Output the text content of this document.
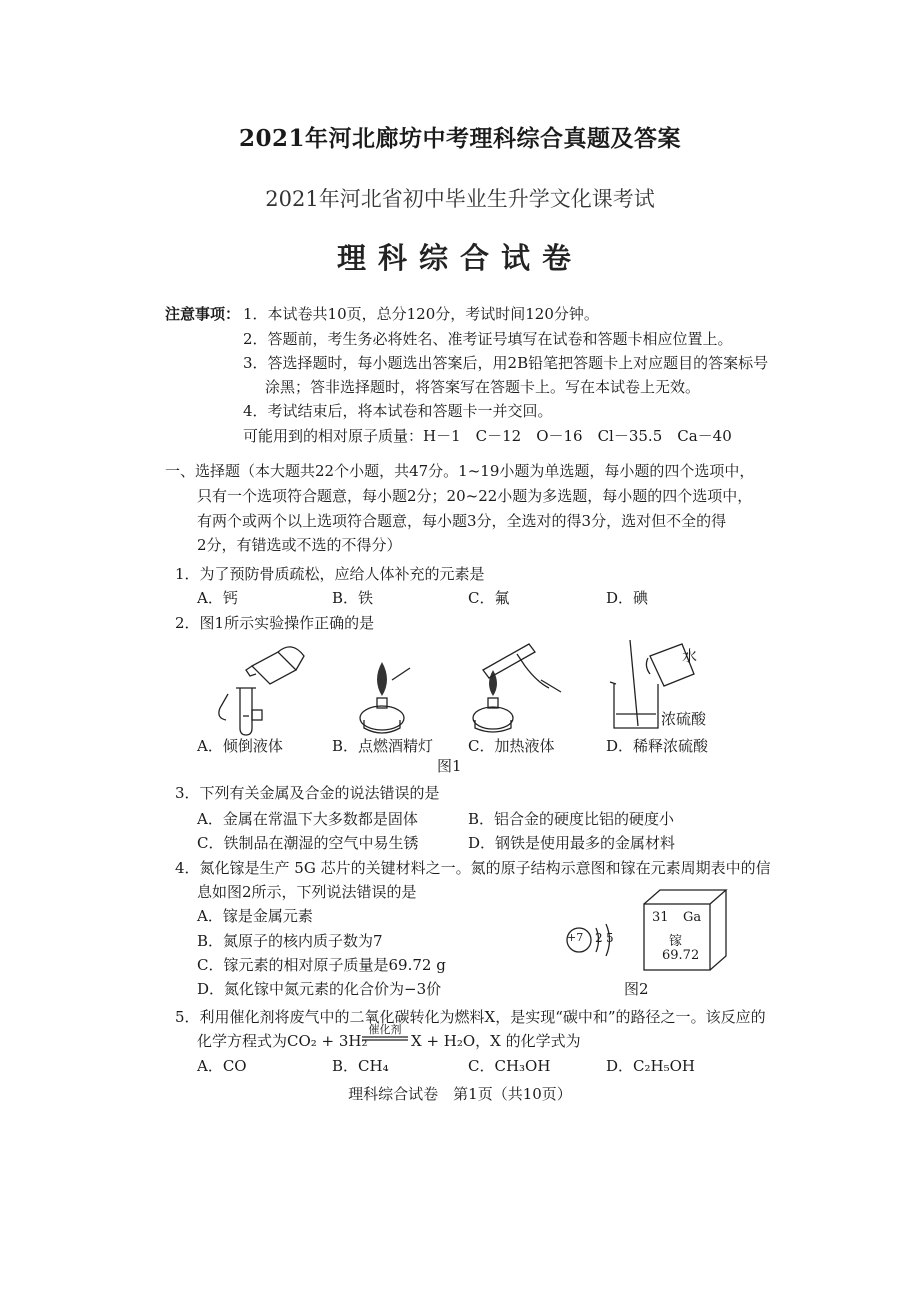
2021年河北廊坊中考理科综合真题及答案
2021年河北省初中毕业生升学文化课考试
理科综合试卷
注意事项： 1．本试卷共10页，总分120分，考试时间120分钟。
2．答题前，考生务必将姓名、准考证号填写在试卷和答题卡相应位置上。
3．答选择题时，每小题选出答案后，用2B铅笔把答题卡上对应题目的答案标号
涂黑；答非选择题时，将答案写在答题卡上。写在本试卷上无效。
4．考试结束后，将本试卷和答题卡一并交回。
可能用到的相对原子质量：H－1　C－12　O－16　Cl－35.5　Ca－40
一、选择题（本大题共22个小题，共47分。1~19小题为单选题，每小题的四个选项中，
只有一个选项符合题意，每小题2分；20~22小题为多选题，每小题的四个选项中，
有两个或两个以上选项符合题意，每小题3分，全选对的得3分，选对但不全的得
2分，有错选或不选的不得分）
1．为了预防骨质疏松，应给人体补充的元素是
A．钙	B．铁	C．氟	D．碘
2．图1所示实验操作正确的是
水
浓硫酸
A．倾倒液体	B．点燃酒精灯 C．加热液体	D．稀释浓硫酸
图1
3．下列有关金属及合金的说法错误的是
A．金属在常温下大多数都是固体	B．铝合金的硬度比铝的硬度小
C．铁制品在潮湿的空气中易生锈	D．钢铁是使用最多的金属材料
4．氮化镓是生产 5G 芯片的关键材料之一。氮的原子结构示意图和镓在元素周期表中的信
息如图2所示，下列说法错误的是
A．镓是金属元素
B．氮原子的核内质子数为7
C．镓元素的相对原子质量是69.72 g
D．氮化镓中氮元素的化合价为−3价
+7 2 5
31 Ga
镓
69.72
图2
5．利用催化剂将废气中的二氧化碳转化为燃料X，是实现“碳中和”的路径之一。该反应的
化学方程式为CO₂ + 3H₂
催化剂
X + H₂O，X 的化学式为
A．CO	B．CH₄	C．CH₃OH	D．C₂H₅OH
理科综合试卷　第1页（共10页）
